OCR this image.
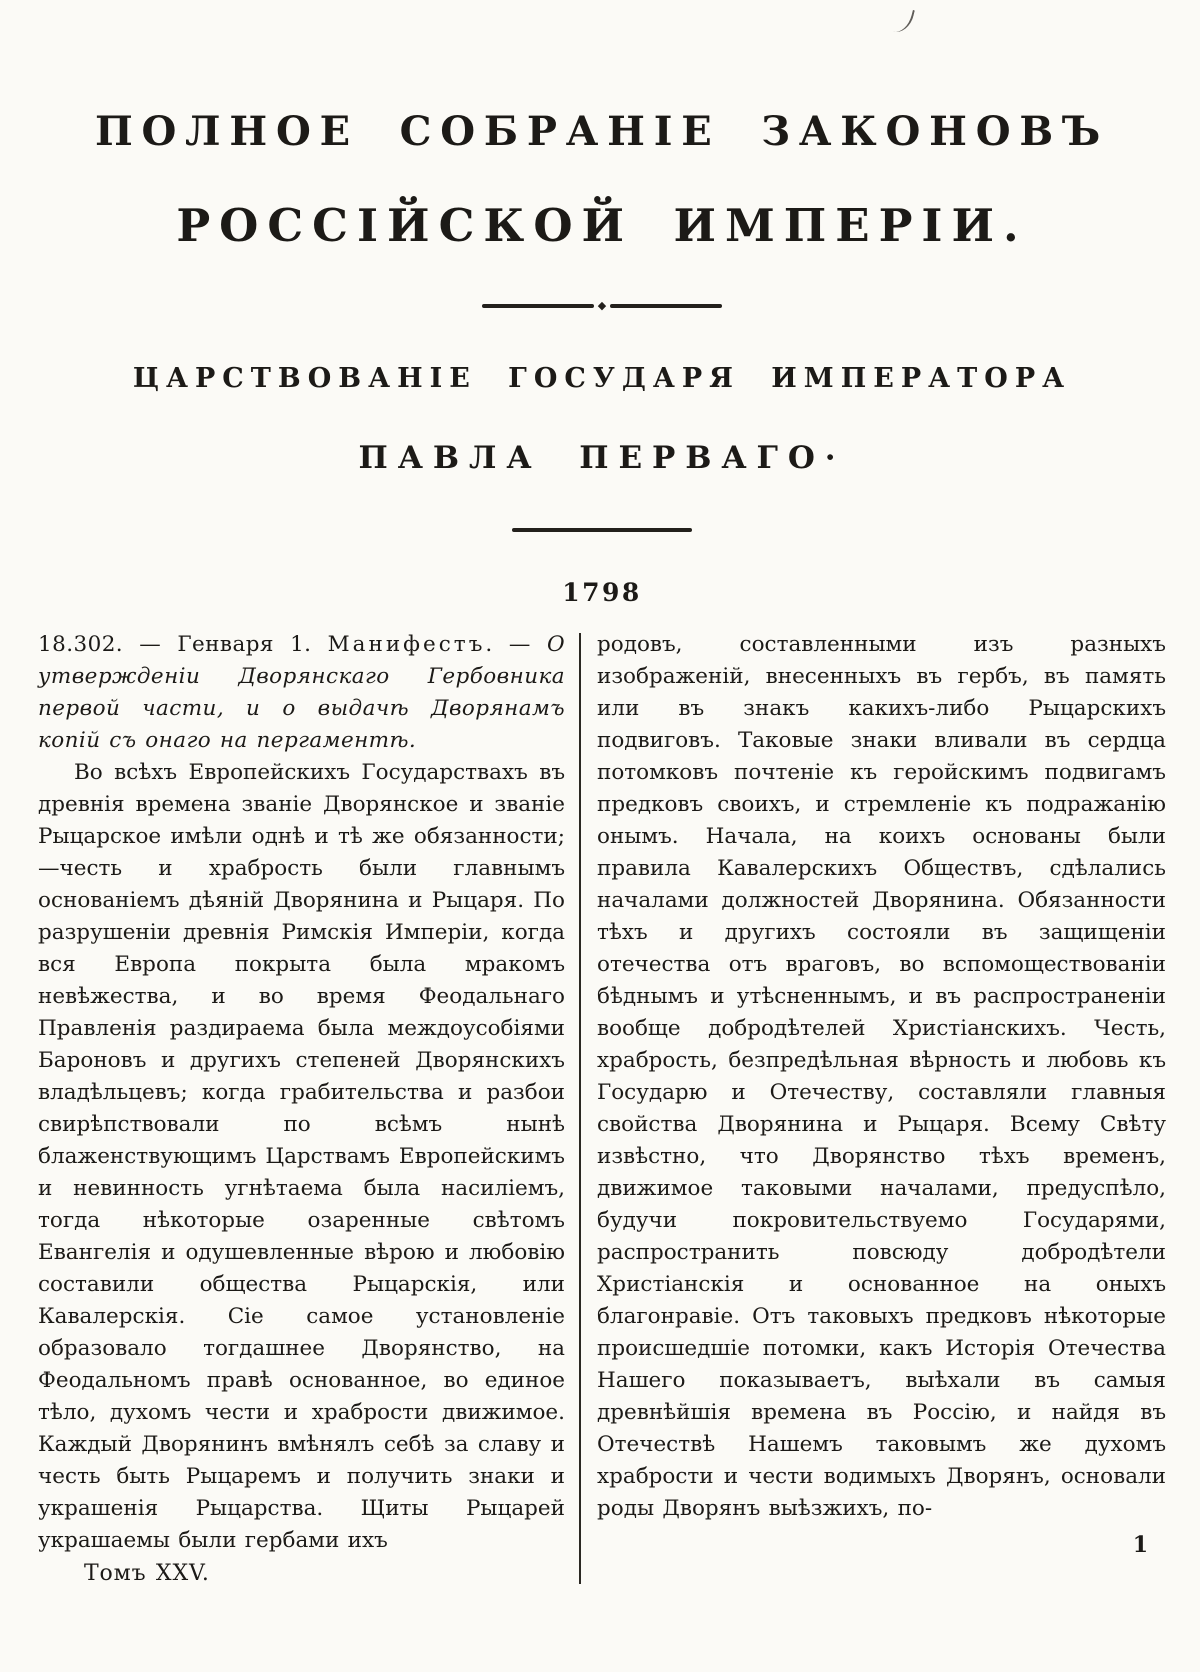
ПОЛНОЕ СОБРАНІЕ ЗАКОНОВЪ
РОССІЙСКОЙ ИМПЕРІИ.
◆
ЦАРСТВОВАНІЕ ГОСУДАРЯ ИМПЕРАТОРА
ПАВЛА ПЕРВАГО·
1798

18.302. — Генваря 1. Манифестъ. — О утвержденіи Дворянскаго Гербовника первой части, и о выдачѣ Дворянамъ копій съ онаго на пергаментѣ.

Во всѣхъ Европейскихъ Государствахъ въ древнія времена званіе Дворянское и званіе Рыцарское имѣли однѣ и тѣ же обязанности; —честь и храбрость были главнымъ основаніемъ дѣяній Дворянина и Рыцаря. По разрушеніи древнія Римскія Имперіи, когда вся Европа покрыта была мракомъ невѣжества, и во время Феодальнаго Правленія раздираема была междоусобіями Бароновъ и другихъ степеней Дворянскихъ владѣльцевъ; когда грабительства и разбои свирѣпствовали по всѣмъ нынѣ блаженствующимъ Царствамъ Европейскимъ и невинность угнѣтаема была насиліемъ, тогда нѣкоторые озаренные свѣтомъ Евангелія и одушевленные вѣрою и любовію составили общества Рыцарскія, или Кавалерскія. Сіе самое установленіе образовало тогдашнее Дворянство, на Феодальномъ правѣ основанное, во единое тѣло, духомъ чести и храбрости движимое. Каждый Дворянинъ вмѣнялъ себѣ за славу и честь быть Рыцаремъ и получить знаки и украшенія Рыцарства. Щиты Рыцарей украшаемы были гербами ихъ

Томъ XXV.

родовъ, составленными изъ разныхъ изображеній, внесенныхъ въ гербъ, въ память или въ знакъ какихъ-либо Рыцарскихъ подвиговъ. Таковые знаки вливали въ сердца потомковъ почтеніе къ геройскимъ подвигамъ предковъ своихъ, и стремленіе къ подражанію онымъ. Начала, на коихъ основаны были правила Кавалерскихъ Обществъ, сдѣлались началами должностей Дворянина. Обязанности тѣхъ и другихъ состояли въ защищеніи отечества отъ враговъ, во вспомоществованіи бѣднымъ и утѣсненнымъ, и въ распространеніи вообще добродѣтелей Христіанскихъ. Честь, храбрость, безпредѣльная вѣрность и любовь къ Государю и Отечеству, составляли главныя свойства Дворянина и Рыцаря. Всему Свѣту извѣстно, что Дворянство тѣхъ временъ, движимое таковыми началами, предуспѣло, будучи покровительствуемо Государями, распространить повсюду добродѣтели Христіанскія и основанное на оныхъ благонравіе. Отъ таковыхъ предковъ нѣкоторые происшедшіе потомки, какъ Исторія Отечества Нашего показываетъ, выѣхали въ самыя древнѣйшія времена въ Россію, и найдя въ Отечествѣ Нашемъ таковымъ же духомъ храбрости и чести водимыхъ Дворянъ, основали роды Дворянъ выѣзжихъ, по-

1
